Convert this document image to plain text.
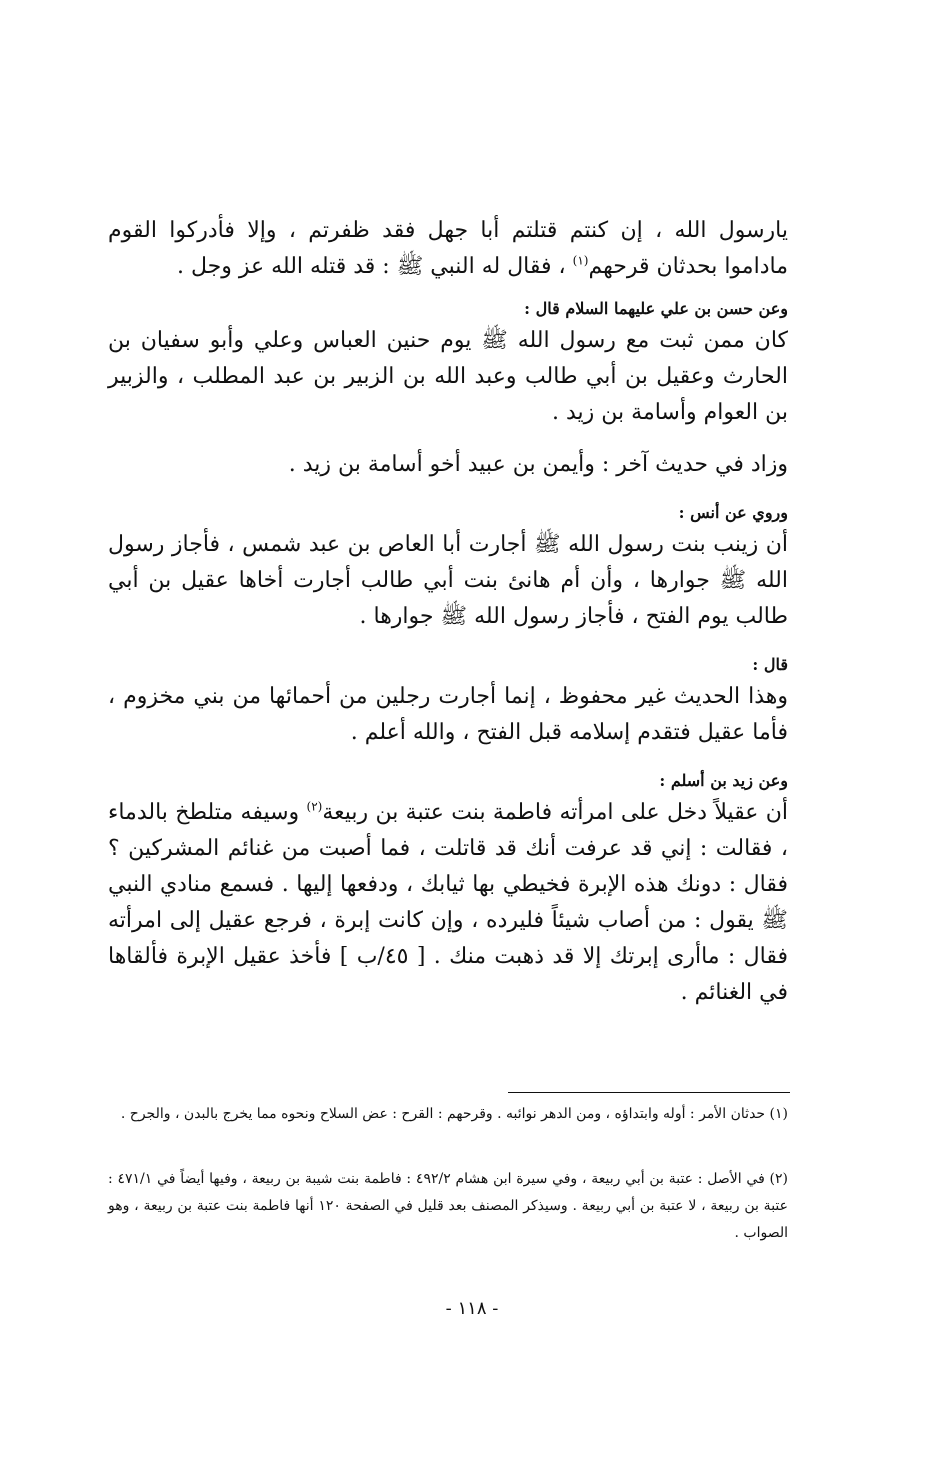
يارسول الله ، إن كنتم قتلتم أبا جهل فقد ظفرتم ، وإلا فأدركوا القوم ماداموا بحدثان قرحهم$^{(١)}$ ، فقال له النبي ﷺ : قد قتله الله عز وجل .

وعن حسن بن علي عليهما السلام قال :

كان ممن ثبت مع رسول الله ﷺ يوم حنين العباس وعلي وأبو سفيان بن الحارث وعقيل بن أبي طالب وعبد الله بن الزبير بن عبد المطلب ، والزبير بن العوام وأسامة بن زيد .

وزاد في حديث آخر : وأيمن بن عبيد أخو أسامة بن زيد .

وروي عن أنس :

أن زينب بنت رسول الله ﷺ أجارت أبا العاص بن عبد شمس ، فأجاز رسول الله ﷺ جوارها ، وأن أم هانئ بنت أبي طالب أجارت أخاها عقيل بن أبي طالب يوم الفتح ، فأجاز رسول الله ﷺ جوارها .

قال :

وهذا الحديث غير محفوظ ، إنما أجارت رجلين من أحمائها من بني مخزوم ، فأما عقيل فتقدم إسلامه قبل الفتح ، والله أعلم .

وعن زيد بن أسلم :

أن عقيلاً دخل على امرأته فاطمة بنت عتبة بن ربيعة$^{(٢)}$ وسيفه متلطخ بالدماء ، فقالت : إني قد عرفت أنك قد قاتلت ، فما أصبت من غنائم المشركين ؟ فقال : دونك هذه الإبرة فخيطي بها ثيابك ، ودفعها إليها . فسمع منادي النبي ﷺ يقول : من أصاب شيئاً فليرده ، وإن كانت إبرة ، فرجع عقيل إلى امرأته فقال : ماأرى إبرتك إلا قد ذهبت منك . [ ٤٥/ب ] فأخذ عقيل الإبرة فألقاها في الغنائم .

(١) حدثان الأمر : أوله وابتداؤه ، ومن الدهر نوائبه . وقرحهم : القرح : عض السلاح ونحوه مما يخرج بالبدن ، والجرح .
(٢) في الأصل : عتبة بن أبي ربيعة ، وفي سيرة ابن هشام ٤٩٢/٢ : فاطمة بنت شيبة بن ربيعة ، وفيها أيضاً في ٤٧١/١ : عتبة بن ربيعة ، لا عتبة بن أبي ربيعة . وسيذكر المصنف بعد قليل في الصفحة ١٢٠ أنها فاطمة بنت عتبة بن ربيعة ، وهو الصواب .
- ١١٨ -
